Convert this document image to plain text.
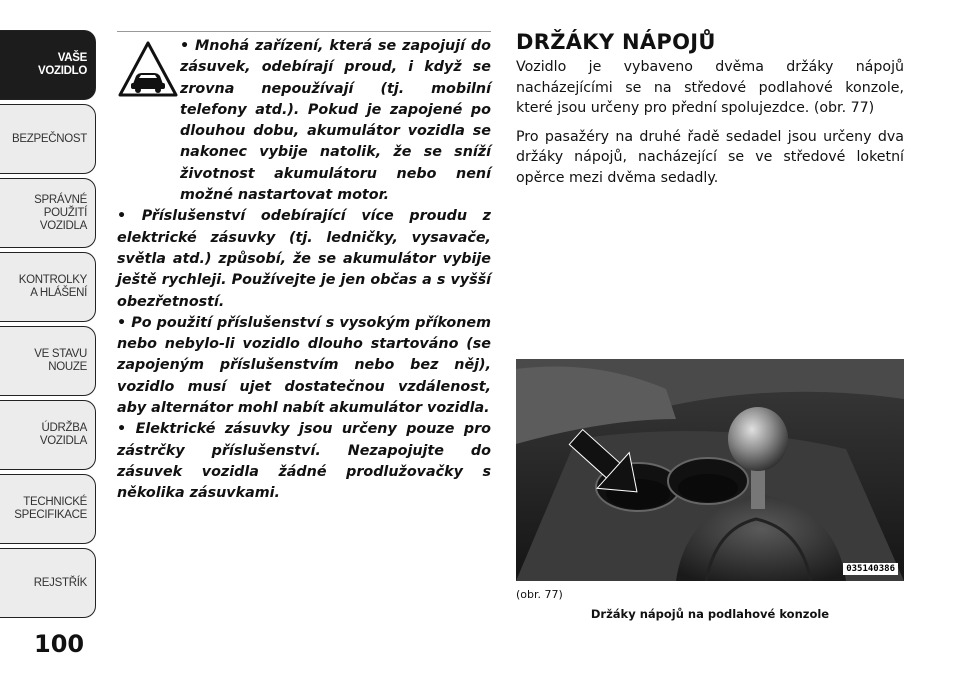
VAŠE
VOZIDLO
BEZPEČNOST
SPRÁVNÉ
POUŽITÍ
VOZIDLA
KONTROLKY
A HLÁŠENÍ
VE STAVU
NOUZE
ÚDRŽBA
VOZIDLA
TECHNICKÉ
SPECIFIKACE
REJSTŘÍK
100

• Mnohá zařízení, která se zapojují do zásuvek, odebírají proud, i když se zrovna nepoužívají (tj. mobilní telefony atd.). Pokud je zapojené po dlouhou dobu, akumulátor vozidla se nakonec vybije natolik, že se sníží životnost akumulátoru nebo není možné nastartovat motor.

• Příslušenství odebírající více proudu z elektrické zásuvky (tj. ledničky, vysavače, světla atd.) způsobí, že se akumulátor vybije ještě rychleji. Používejte je jen občas a s vyšší obezřetností.

• Po použití příslušenství s vysokým příkonem nebo nebylo-li vozidlo dlouho startováno (se zapojeným příslušenstvím nebo bez něj), vozidlo musí ujet dostatečnou vzdálenost, aby alternátor mohl nabít akumulátor vozidla.

• Elektrické zásuvky jsou určeny pouze pro zástrčky příslušenství. Nezapojujte do zásuvek vozidla žádné prodlužovačky s několika zásuvkami.

DRŽÁKY NÁPOJŮ

Vozidlo je vybaveno dvěma držáky nápojů nacházejícími se na středové podlahové konzole, které jsou určeny pro přední spolujezdce. (obr. 77)

Pro pasažéry na druhé řadě sedadel jsou určeny dva držáky nápojů, nacházející se ve středové loketní opěrce mezi dvěma sedadly.

035140386
(obr. 77)
Držáky nápojů na podlahové konzole
